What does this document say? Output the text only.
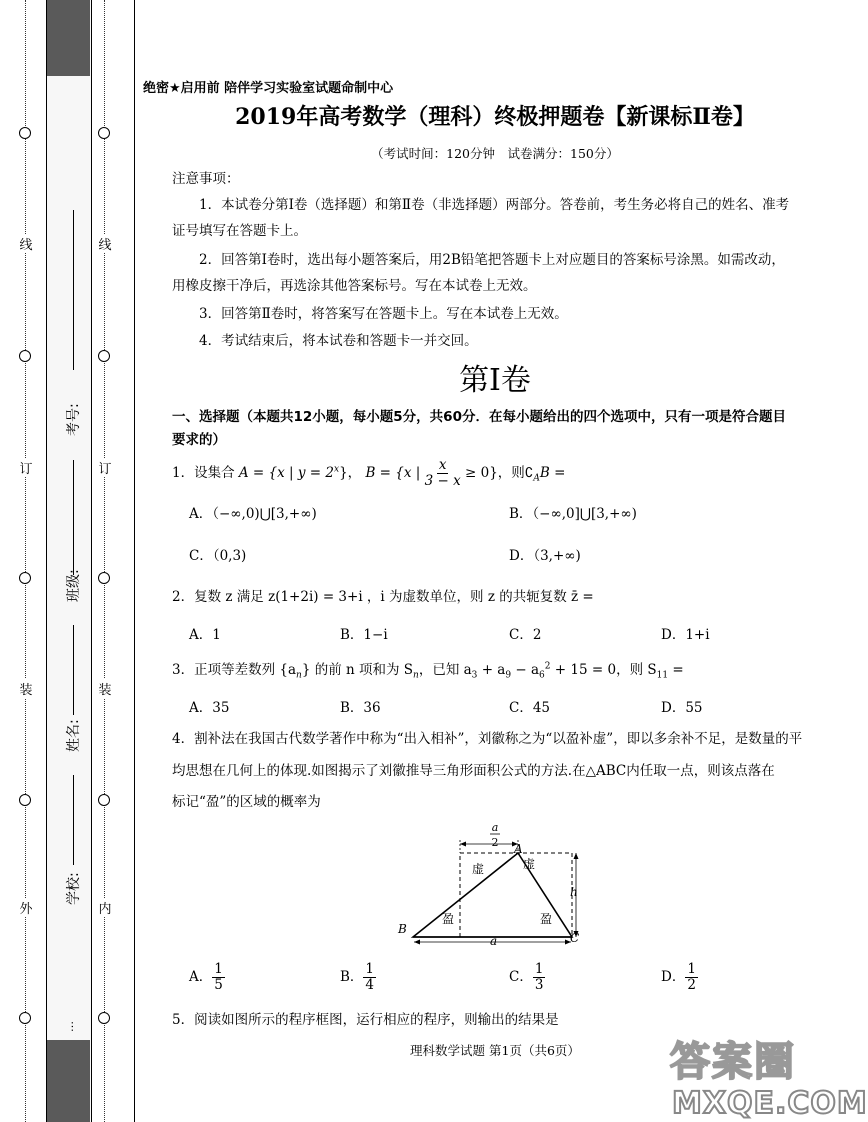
线
订
装
外
考号:
班级:
姓名:
学校:
…
线
订
装
内
绝密★启用前 陪伴学习实验室试题命制中心
2019年高考数学（理科）终极押题卷【新课标Ⅱ卷】
（考试时间：120分钟　试卷满分：150分）
注意事项：
1．本试卷分第Ⅰ卷（选择题）和第Ⅱ卷（非选择题）两部分。答卷前，考生务必将自己的姓名、准考
证号填写在答题卡上。
2．回答第Ⅰ卷时，选出每小题答案后，用2B铅笔把答题卡上对应题目的答案标号涂黑。如需改动，
用橡皮擦干净后，再选涂其他答案标号。写在本试卷上无效。
3．回答第Ⅱ卷时，将答案写在答题卡上。写在本试卷上无效。
4．考试结束后，将本试卷和答题卡一并交回。
第Ⅰ卷
一、选择题（本题共12小题，每小题5分，共60分．在每小题给出的四个选项中，只有一项是符合题目
要求的）
1．设集合 A = {x | $y = 2^x$}， B = {x | $\frac{x}{3 - x} \ge 0$}，则$∁_AB$ =
A．（−∞,0)⋃[3,+∞)	B．（−∞,0]⋃[3,+∞)
C．（0,3)	D．（3,+∞)
2．复数 z 满足 z(1+2i) = 3+i ，i 为虚数单位，则 z 的共轭复数 z̄ =
A．1	B．1−i	C．2	D．1+i
3．正项等差数列 $\{a_n\}$ 的前 n 项和为 $S_n$，已知 $a_3 + a_9 - a_6^2 + 15 = 0$，则 $S_{11}$ =
A．35	B．36	C．45	D．55
4．割补法在我国古代数学著作中称为“出入相补”，刘徽称之为“以盈补虚”，即以多余补不足，是数量的平
均思想在几何上的体现.如图揭示了刘徽推导三角形面积公式的方法.在△ABC内任取一点，则该点落在
标记“盈”的区域的概率为
a
2 A
B
C
h
a
虚	虚
盈	盈
A． $\frac{1}{5}$	B． $\frac{1}{4}$	C． $\frac{1}{3}$	D． $\frac{1}{2}$
5．阅读如图所示的程序框图，运行相应的程序，则输出的结果是
理科数学试题 第1页（共6页）	答案圈
MXQE.COM
